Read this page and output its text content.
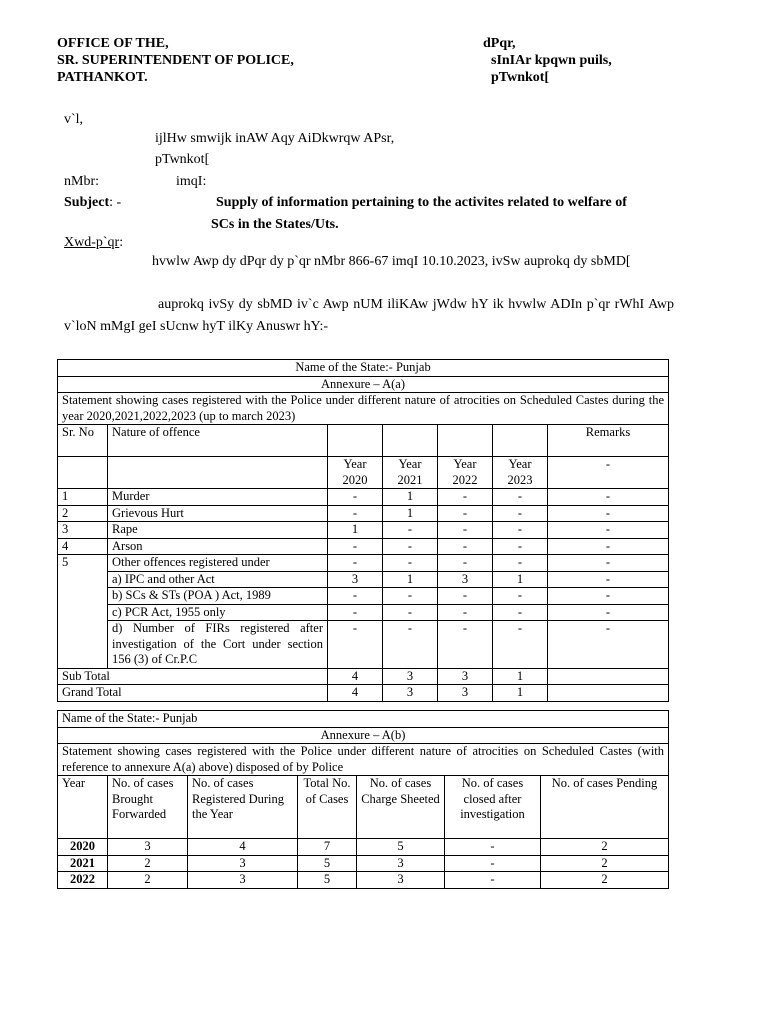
OFFICE OF THE,
SR. SUPERINTENDENT OF POLICE,
PATHANKOT.
dPqr,
sInIAr kpqwn puils,
pTwnkot[
v`l,
ijlHw smwijk inAW Aqy AiDkwrqw APsr,
pTwnkot[
nMbr:	imqI:
Subject: -	Supply of information pertaining to the activites related to welfare of
SCs in the States/Uts.
Xwd-p`qr:
hvwlw Awp dy dPqr dy p`qr nMbr 866-67 imqI 10.10.2023, ivSw auprokq dy sbMD[
auprokq ivSy dy sbMD iv`c Awp nUM iliKAw jWdw hY ik hvwlw ADIn p`qr rWhI Awp v`loN mMgI geI sUcnw hyT ilKy Anuswr hY:-
Name of the State:- Punjab						
Annexure – A(a)						
Statement showing cases registered with the Police under different nature of atrocities on Scheduled Castes during the year 2020,2021,2022,2023 (up to march 2023)						
Sr. No	Nature of offence					Remarks
		Year 2020	Year 2021	Year 2022	Year 2023	-
1	Murder	-	1	-	-	-
2	Grievous Hurt	-	1	-	-	-
3	Rape	1	-	-	-	-
4	Arson	-	-	-	-	-
5	Other offences registered under	-	-	-	-	-
	a) IPC and other Act	3	1	3	1	-
	b) SCs & STs (POA ) Act, 1989	-	-	-	-	-
	c) PCR Act, 1955 only	-	-	-	-	-
	d) Number of FIRs registered after investigation of the Cort under section 156 (3) of Cr.P.C	-	-	-	-	-
Sub Total		4	3	3	1	
Grand Total		4	3	3	1	
Name of the State:- Punjab						
Annexure – A(b)						
Statement showing cases registered with the Police under different nature of atrocities on Scheduled Castes (with reference to annexure A(a) above) disposed of by Police						
Year	No. of cases Brought Forwarded	No. of cases Registered During the Year	Total No. of Cases	No. of cases Charge Sheeted	No. of cases closed after investigation	No. of cases Pending
2020	3	4	7	5	-	2
2021	2	3	5	3	-	2
2022	2	3	5	3	-	2
